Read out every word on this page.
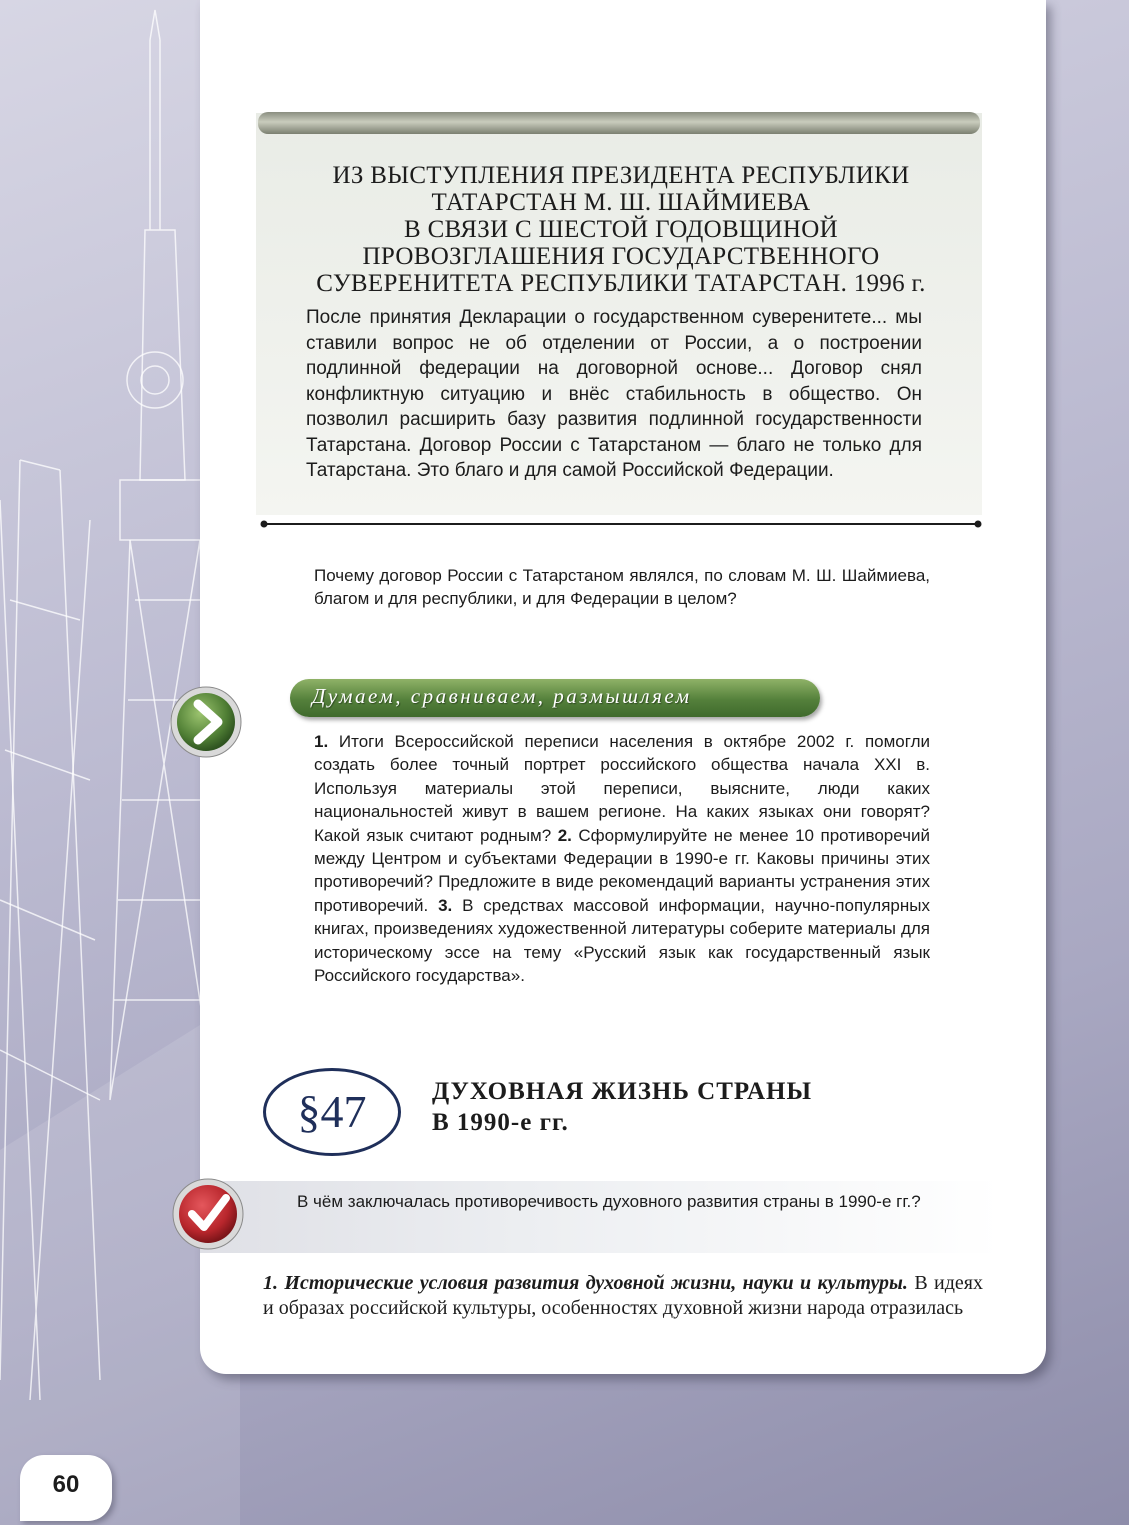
ИЗ ВЫСТУПЛЕНИЯ ПРЕЗИДЕНТА РЕСПУБЛИКИ
ТАТАРСТАН М. Ш. ШАЙМИЕВА
В СВЯЗИ С ШЕСТОЙ ГОДОВЩИНОЙ
ПРОВОЗГЛАШЕНИЯ ГОСУДАРСТВЕННОГО
СУВЕРЕНИТЕТА РЕСПУБЛИКИ ТАТАРСТАН. 1996 г.
После принятия Декларации о государственном суверенитете... мы ставили вопрос не об отделении от России, а о построении подлинной федерации на договорной основе... Договор снял конфликтную ситуацию и внёс стабильность в общество. Он позволил расширить базу развития подлинной государственности Татарстана. Договор России с Татарстаном — благо не только для Татарстана. Это благо и для самой Российской Федерации.
Почему договор России с Татарстаном являлся, по словам М. Ш. Шаймиева, благом и для республики, и для Федерации в целом?
Думаем, сравниваем, размышляем
1. Итоги Всероссийской переписи населения в октябре 2002 г. помогли создать более точный портрет российского общества начала XXI в. Используя материалы этой переписи, выясните, люди каких национальностей живут в вашем регионе. На каких языках они говорят? Какой язык считают родным? 2. Сформулируйте не менее 10 противоречий между Центром и субъектами Федерации в 1990-е гг. Каковы причины этих противоречий? Предложите в виде рекомендаций варианты устранения этих противоречий. 3. В средствах массовой информации, научно-популярных книгах, произведениях художественной литературы соберите материалы для историческому эссе на тему «Русский язык как государственный язык Российского государства».
§47	ДУХОВНАЯ ЖИЗНЬ СТРАНЫ
В 1990-е гг.
В чём заключалась противоречивость духовного развития страны в 1990-е гг.?
1. Исторические условия развития духовной жизни, науки и культуры. В идеях и образах российской культуры, особенностях духовной жизни народа отразилась
60
